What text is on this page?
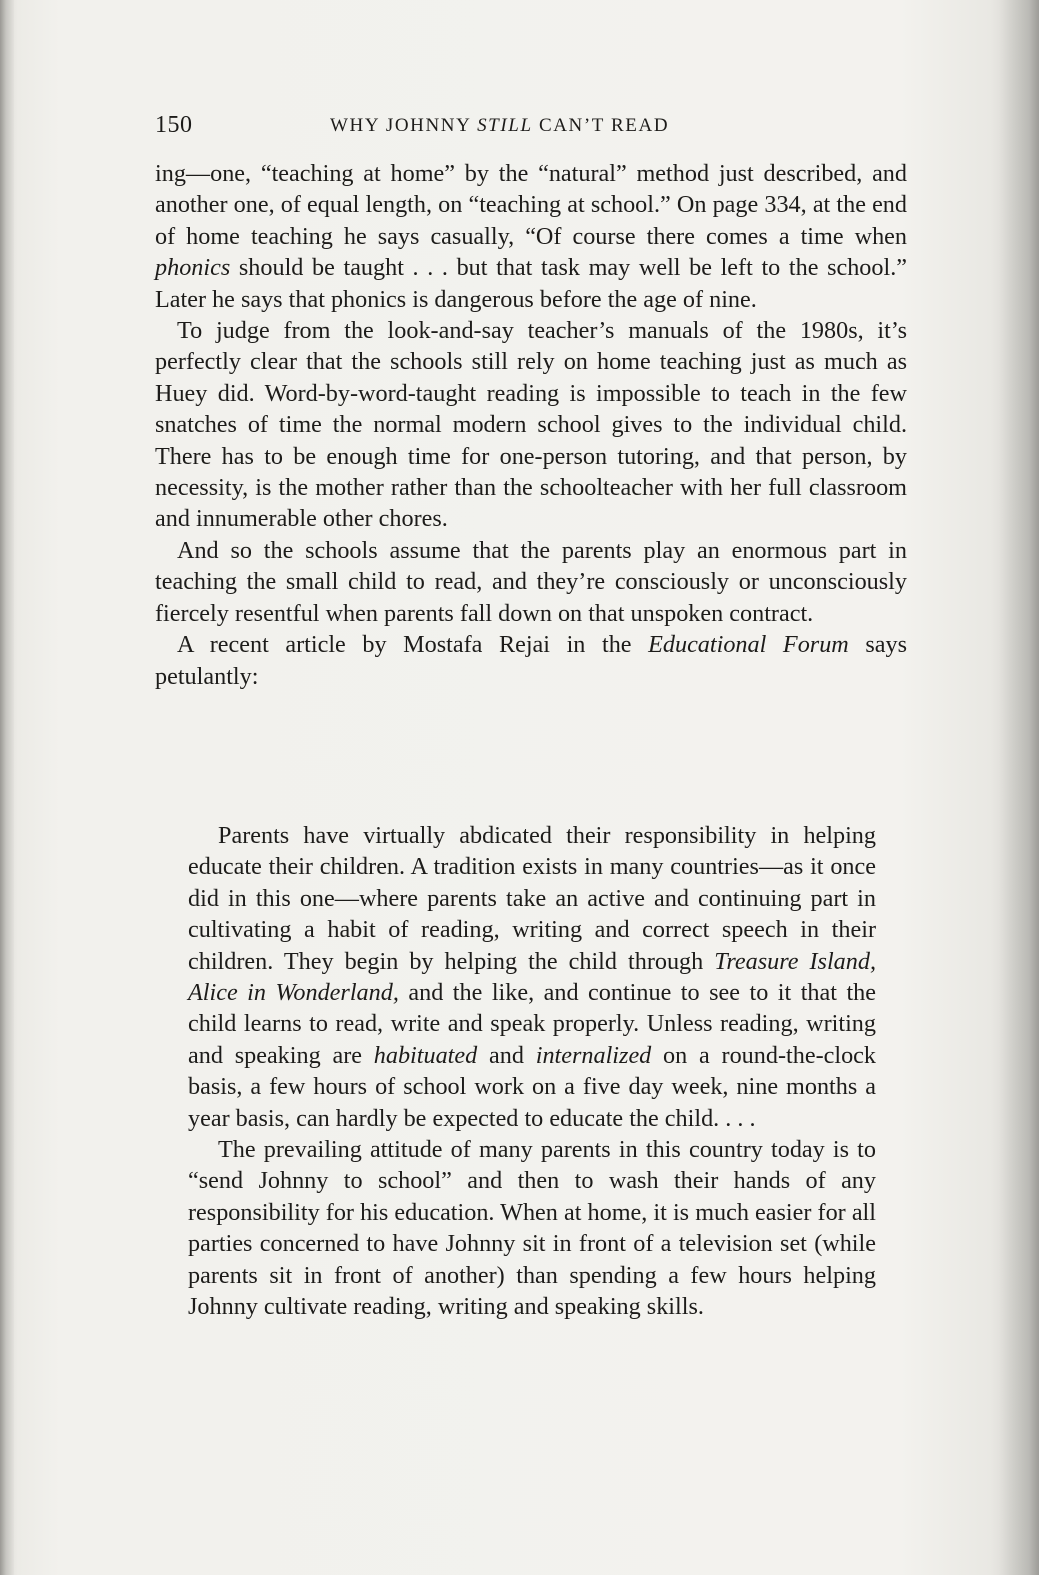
150	WHY JOHNNY STILL CAN’T READ

ing—one, “teaching at home” by the “natural” method just described, and another one, of equal length, on “teaching at school.” On page 334, at the end of home teaching he says casually, “Of course there comes a time when phonics should be taught . . . but that task may well be left to the school.” Later he says that phonics is dangerous before the age of nine.

To judge from the look-and-say teacher’s manuals of the 1980s, it’s perfectly clear that the schools still rely on home teaching just as much as Huey did. Word-by-word-taught reading is impossible to teach in the few snatches of time the normal modern school gives to the individual child. There has to be enough time for one-person tutoring, and that person, by necessity, is the mother rather than the schoolteacher with her full classroom and innumerable other chores.

And so the schools assume that the parents play an enormous part in teaching the small child to read, and they’re consciously or unconsciously fiercely resentful when parents fall down on that unspoken contract.

A recent article by Mostafa Rejai in the Educational Forum says petulantly:

Parents have virtually abdicated their responsibility in helping educate their children. A tradition exists in many countries—as it once did in this one—where parents take an active and continuing part in cultivating a habit of reading, writing and correct speech in their children. They begin by helping the child through Treasure Island, Alice in Wonderland, and the like, and continue to see to it that the child learns to read, write and speak properly. Unless reading, writing and speaking are habituated and internalized on a round-the-clock basis, a few hours of school work on a five day week, nine months a year basis, can hardly be expected to educate the child. . . .

The prevailing attitude of many parents in this country today is to “send Johnny to school” and then to wash their hands of any responsibility for his education. When at home, it is much easier for all parties concerned to have Johnny sit in front of a television set (while parents sit in front of another) than spending a few hours helping Johnny cultivate reading, writing and speaking skills.
